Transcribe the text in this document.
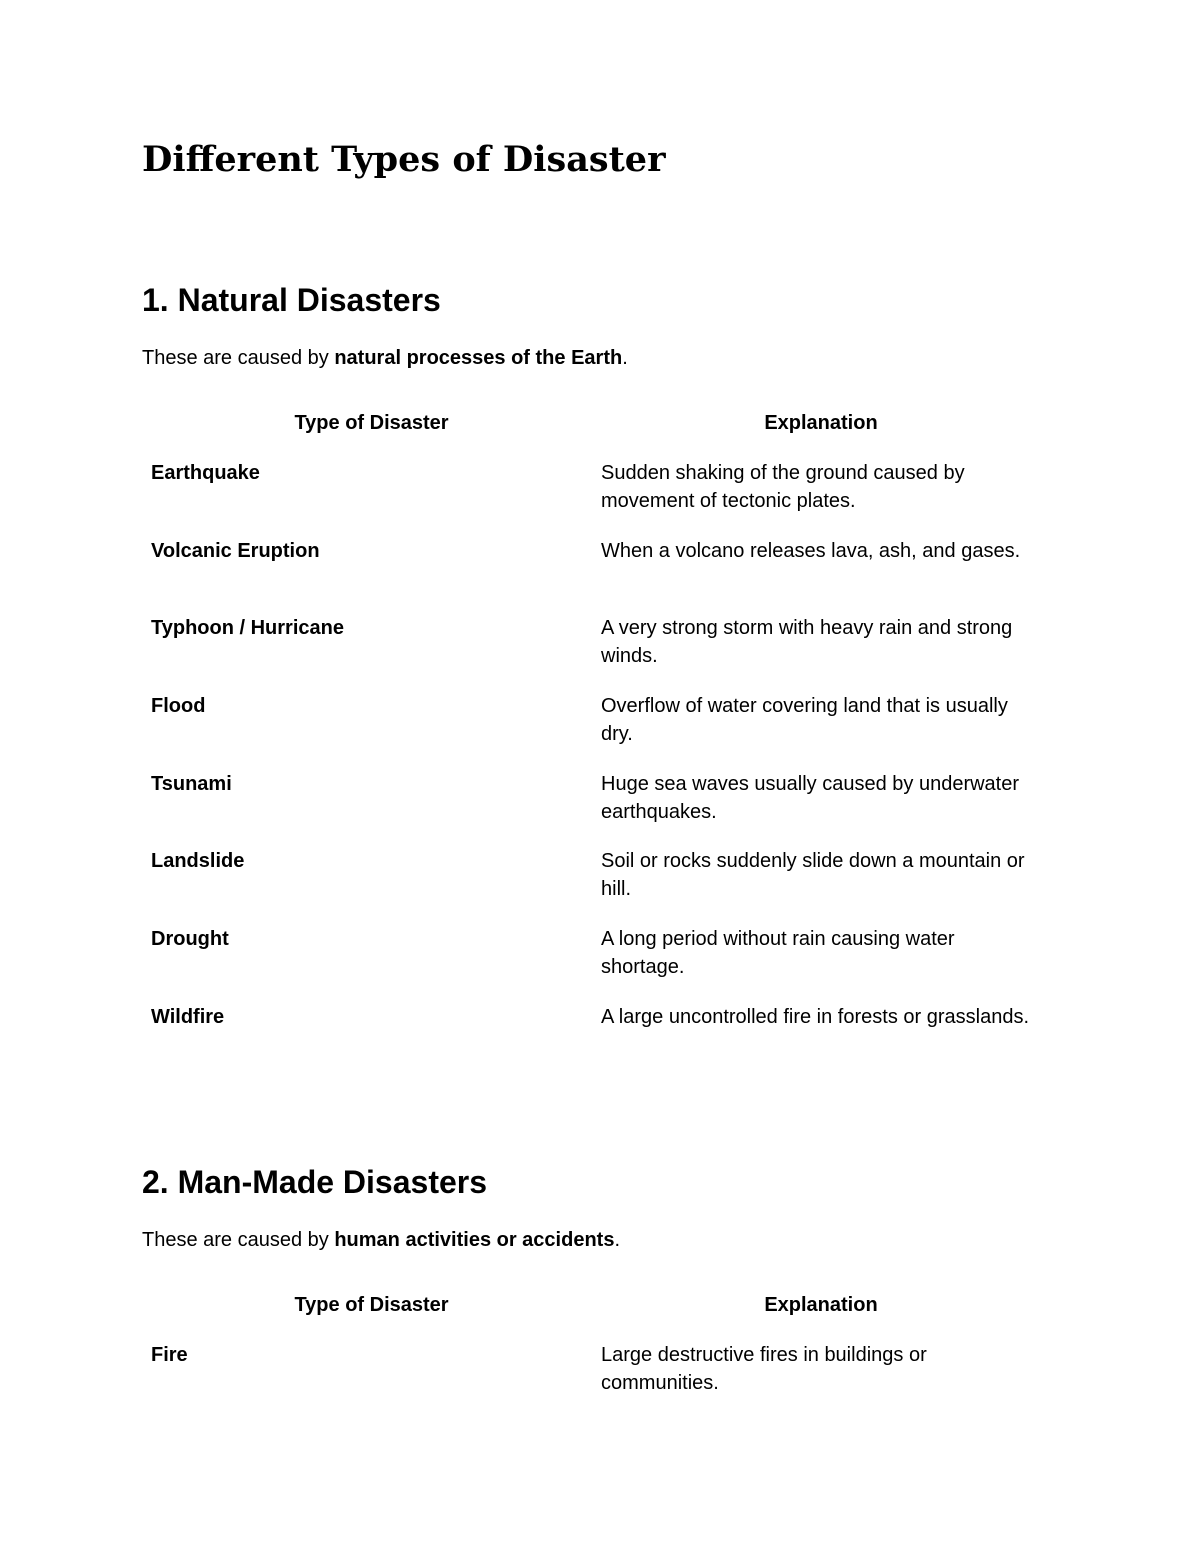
Different Types of Disaster
1. Natural Disasters

These are caused by natural processes of the Earth.

Type of Disaster	Explanation
Earthquake	Sudden shaking of the ground caused by movement of tectonic plates.
Volcanic Eruption	When a volcano releases lava, ash, and gases.
Typhoon / Hurricane	A very strong storm with heavy rain and strong winds.
Flood	Overflow of water covering land that is usually dry.
Tsunami	Huge sea waves usually caused by underwater earthquakes.
Landslide	Soil or rocks suddenly slide down a mountain or hill.
Drought	A long period without rain causing water shortage.
Wildfire	A large uncontrolled fire in forests or grasslands.
2. Man-Made Disasters

These are caused by human activities or accidents.

Type of Disaster	Explanation
Fire	Large destructive fires in buildings or communities.
